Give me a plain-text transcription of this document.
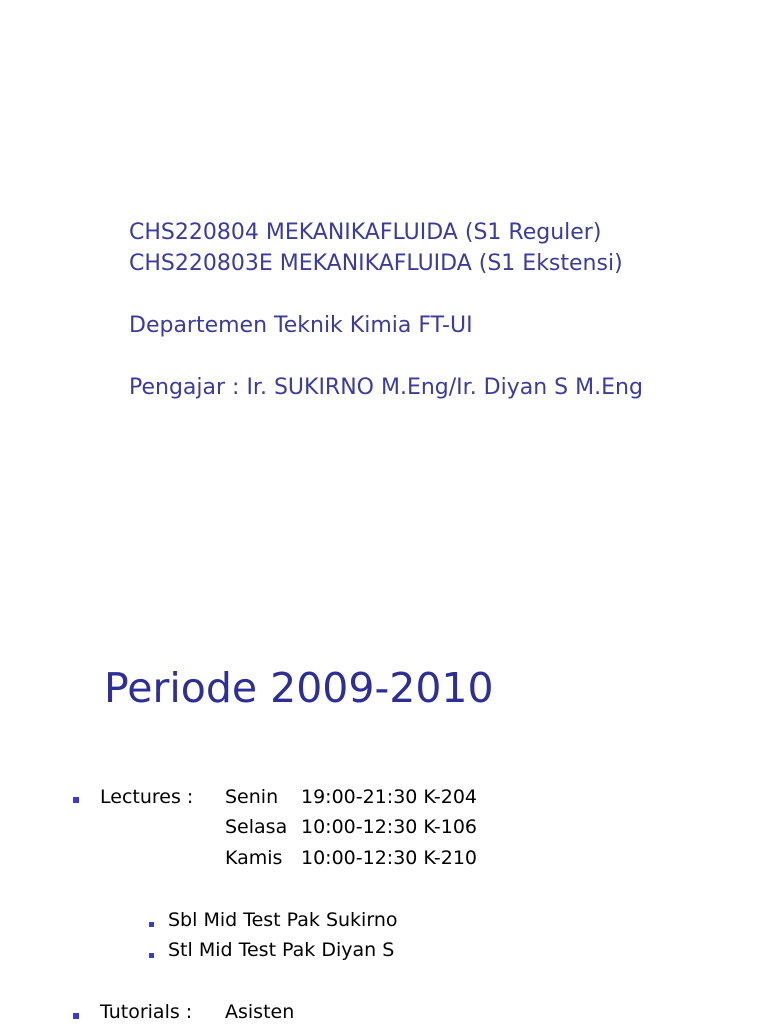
CHS220804 MEKANIKAFLUIDA (S1 Reguler)
CHS220803E MEKANIKAFLUIDA (S1 Ekstensi)
Departemen Teknik Kimia FT-UI
Pengajar : Ir. SUKIRNO M.Eng/Ir. Diyan S M.Eng
Periode 2009-2010
Lectures : Senin 19:00-21:30 K-204
Selasa 10:00-12:30 K-106
Kamis 10:00-12:30 K-210
Sbl Mid Test Pak Sukirno
Stl Mid Test Pak Diyan S
Tutorials : Asisten
